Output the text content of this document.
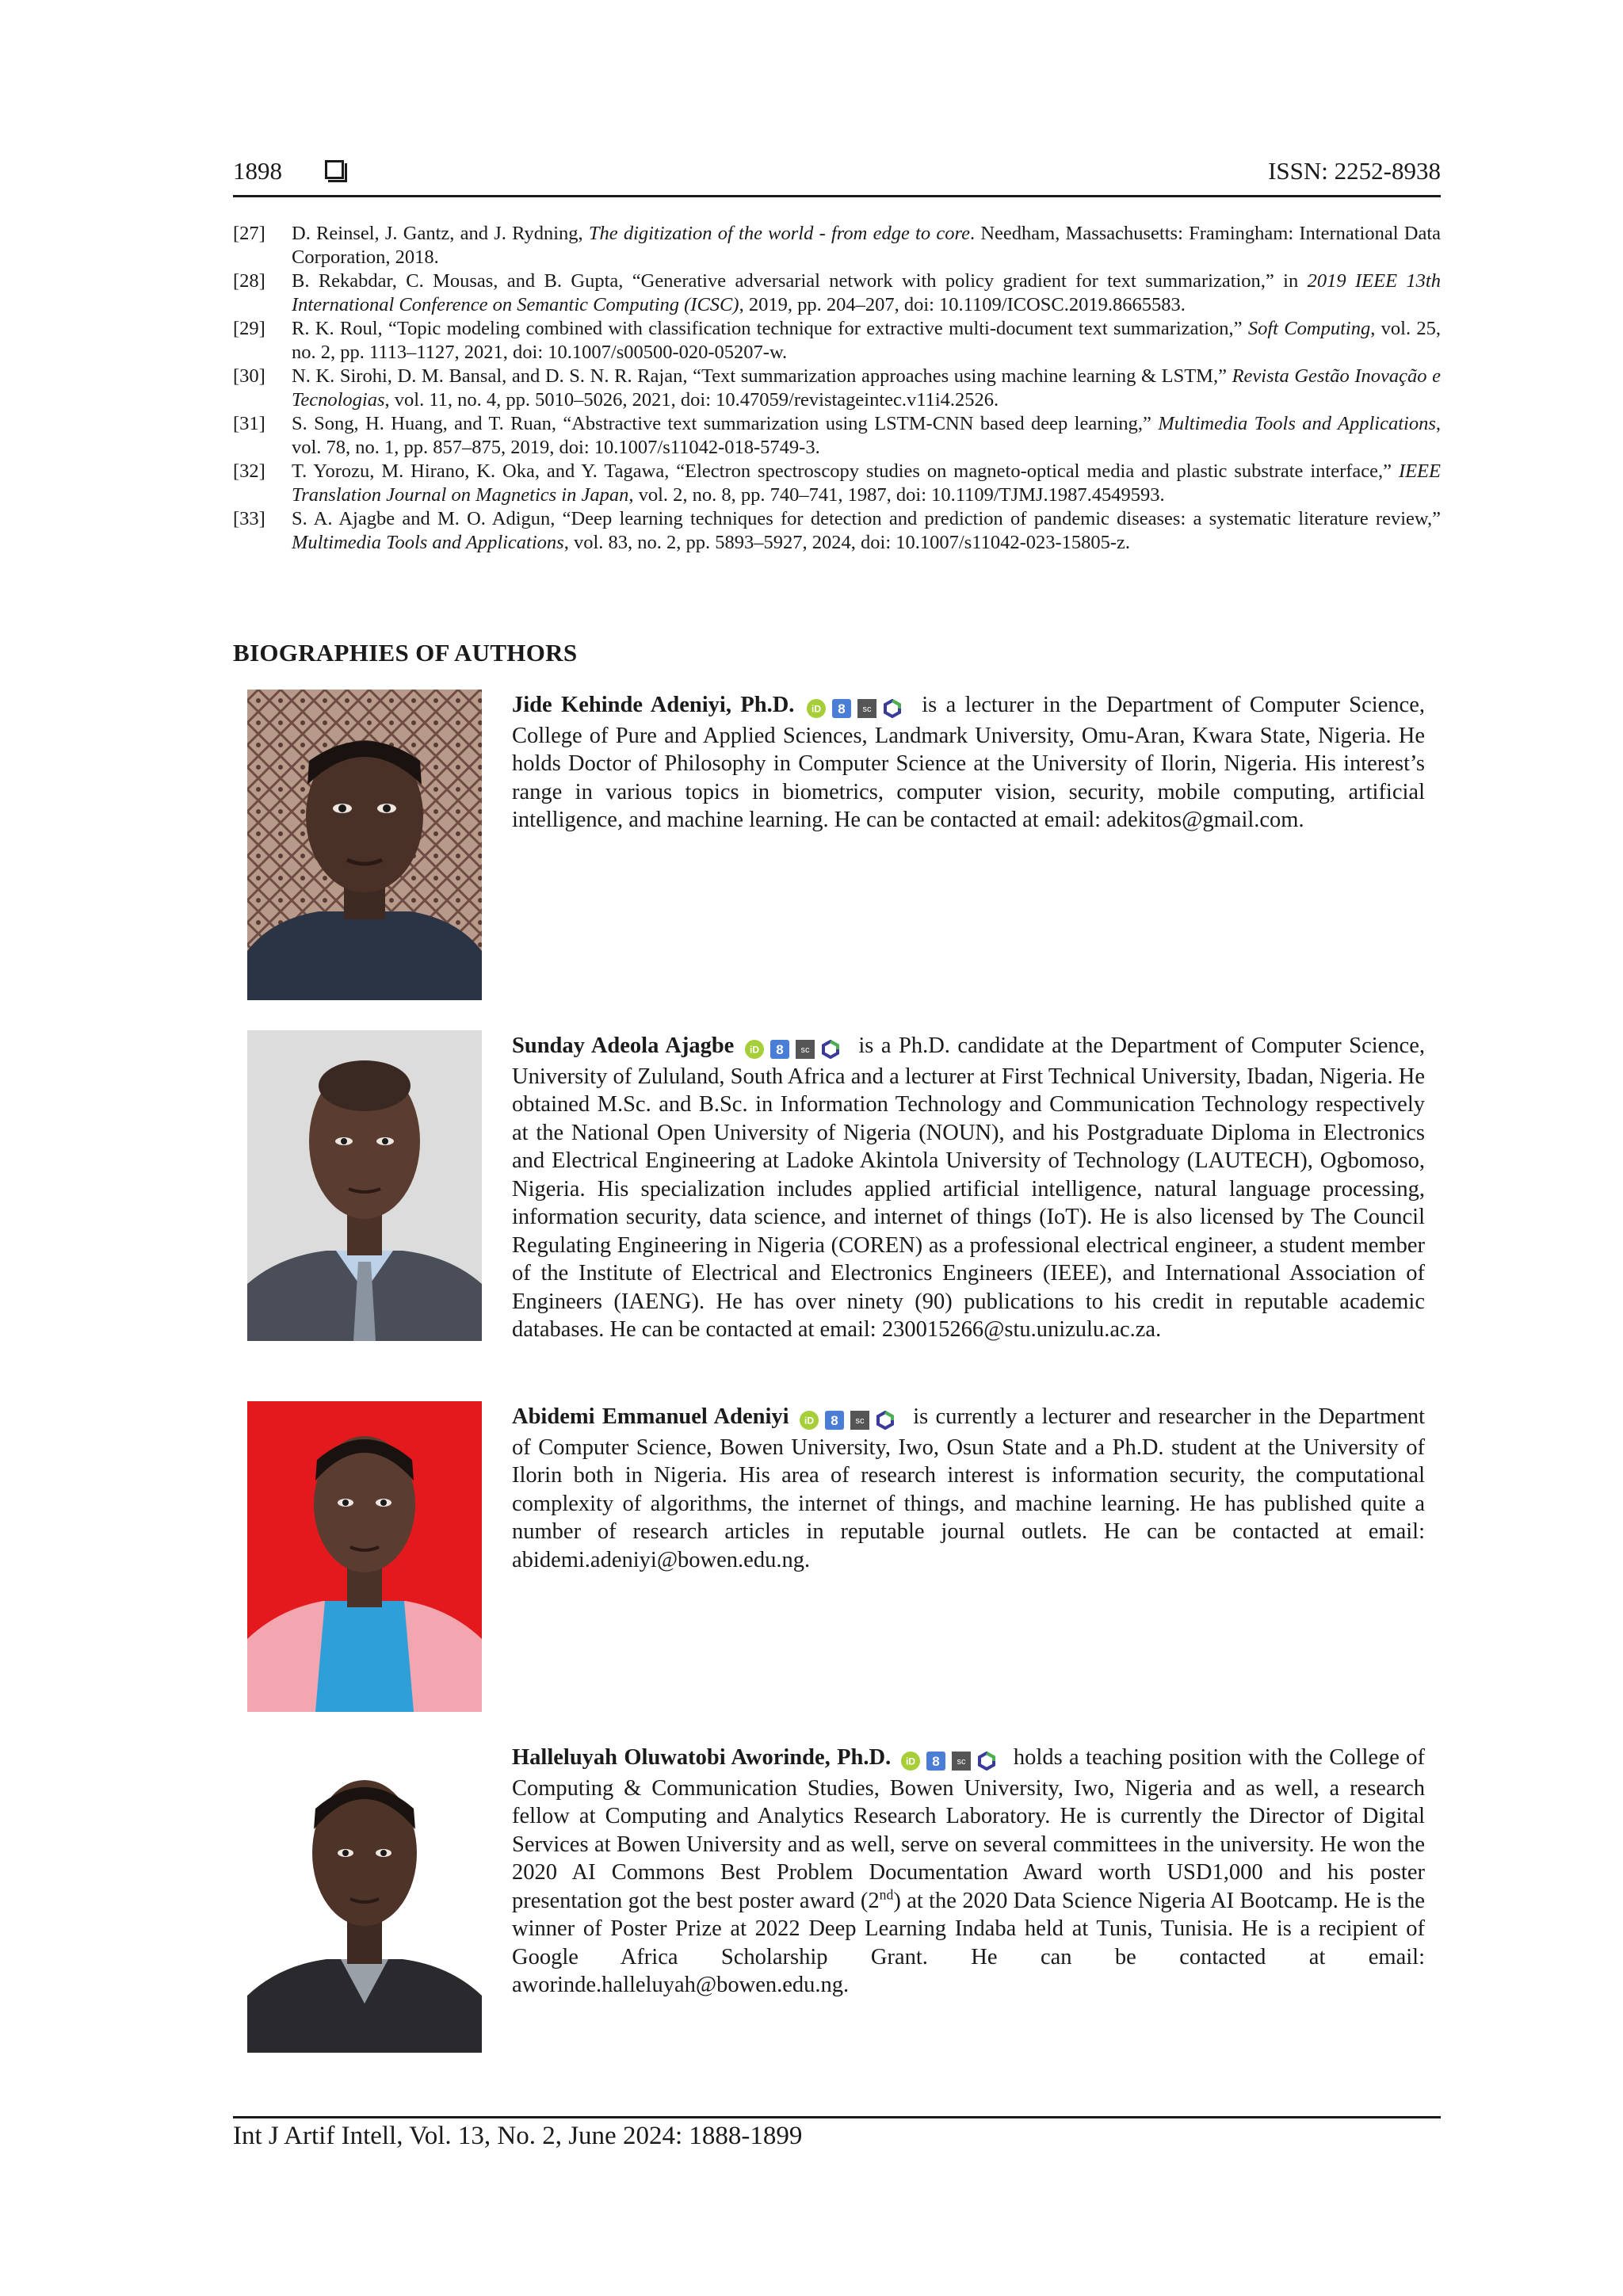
1898	ISSN: 2252-8938
[27] D. Reinsel, J. Gantz, and J. Rydning, The digitization of the world - from edge to core. Needham, Massachusetts: Framingham: International Data Corporation, 2018.
[28] B. Rekabdar, C. Mousas, and B. Gupta, “Generative adversarial network with policy gradient for text summarization,” in 2019 IEEE 13th International Conference on Semantic Computing (ICSC), 2019, pp. 204–207, doi: 10.1109/ICOSC.2019.8665583.
[29] R. K. Roul, “Topic modeling combined with classification technique for extractive multi-document text summarization,” Soft Computing, vol. 25, no. 2, pp. 1113–1127, 2021, doi: 10.1007/s00500-020-05207-w.
[30] N. K. Sirohi, D. M. Bansal, and D. S. N. R. Rajan, “Text summarization approaches using machine learning & LSTM,” Revista Gestão Inovação e Tecnologias, vol. 11, no. 4, pp. 5010–5026, 2021, doi: 10.47059/revistageintec.v11i4.2526.
[31] S. Song, H. Huang, and T. Ruan, “Abstractive text summarization using LSTM-CNN based deep learning,” Multimedia Tools and Applications, vol. 78, no. 1, pp. 857–875, 2019, doi: 10.1007/s11042-018-5749-3.
[32] T. Yorozu, M. Hirano, K. Oka, and Y. Tagawa, “Electron spectroscopy studies on magneto-optical media and plastic substrate interface,” IEEE Translation Journal on Magnetics in Japan, vol. 2, no. 8, pp. 740–741, 1987, doi: 10.1109/TJMJ.1987.4549593.
[33] S. A. Ajagbe and M. O. Adigun, “Deep learning techniques for detection and prediction of pandemic diseases: a systematic literature review,” Multimedia Tools and Applications, vol. 83, no. 2, pp. 5893–5927, 2024, doi: 10.1007/s11042-023-15805-z.
BIOGRAPHIES OF AUTHORS
Jide Kehinde Adeniyi, Ph.D. iD 8 sc is a lecturer in the Department of Computer Science, College of Pure and Applied Sciences, Landmark University, Omu-Aran, Kwara State, Nigeria. He holds Doctor of Philosophy in Computer Science at the University of Ilorin, Nigeria. His interest’s range in various topics in biometrics, computer vision, security, mobile computing, artificial intelligence, and machine learning. He can be contacted at email: adekitos@gmail.com.
Sunday Adeola Ajagbe iD 8 sc is a Ph.D. candidate at the Department of Computer Science, University of Zululand, South Africa and a lecturer at First Technical University, Ibadan, Nigeria. He obtained M.Sc. and B.Sc. in Information Technology and Communication Technology respectively at the National Open University of Nigeria (NOUN), and his Postgraduate Diploma in Electronics and Electrical Engineering at Ladoke Akintola University of Technology (LAUTECH), Ogbomoso, Nigeria. His specialization includes applied artificial intelligence, natural language processing, information security, data science, and internet of things (IoT). He is also licensed by The Council Regulating Engineering in Nigeria (COREN) as a professional electrical engineer, a student member of the Institute of Electrical and Electronics Engineers (IEEE), and International Association of Engineers (IAENG). He has over ninety (90) publications to his credit in reputable academic databases. He can be contacted at email: 230015266@stu.unizulu.ac.za.
Abidemi Emmanuel Adeniyi iD 8 sc is currently a lecturer and researcher in the Department of Computer Science, Bowen University, Iwo, Osun State and a Ph.D. student at the University of Ilorin both in Nigeria. His area of research interest is information security, the computational complexity of algorithms, the internet of things, and machine learning. He has published quite a number of research articles in reputable journal outlets. He can be contacted at email: abidemi.adeniyi@bowen.edu.ng.
Halleluyah Oluwatobi Aworinde, Ph.D. iD 8 sc holds a teaching position with the College of Computing & Communication Studies, Bowen University, Iwo, Nigeria and as well, a research fellow at Computing and Analytics Research Laboratory. He is currently the Director of Digital Services at Bowen University and as well, serve on several committees in the university. He won the 2020 AI Commons Best Problem Documentation Award worth USD1,000 and his poster presentation got the best poster award (2nd) at the 2020 Data Science Nigeria AI Bootcamp. He is the winner of Poster Prize at 2022 Deep Learning Indaba held at Tunis, Tunisia. He is a recipient of Google Africa Scholarship Grant. He can be contacted at email: aworinde.halleluyah@bowen.edu.ng.
Int J Artif Intell, Vol. 13, No. 2, June 2024: 1888-1899
